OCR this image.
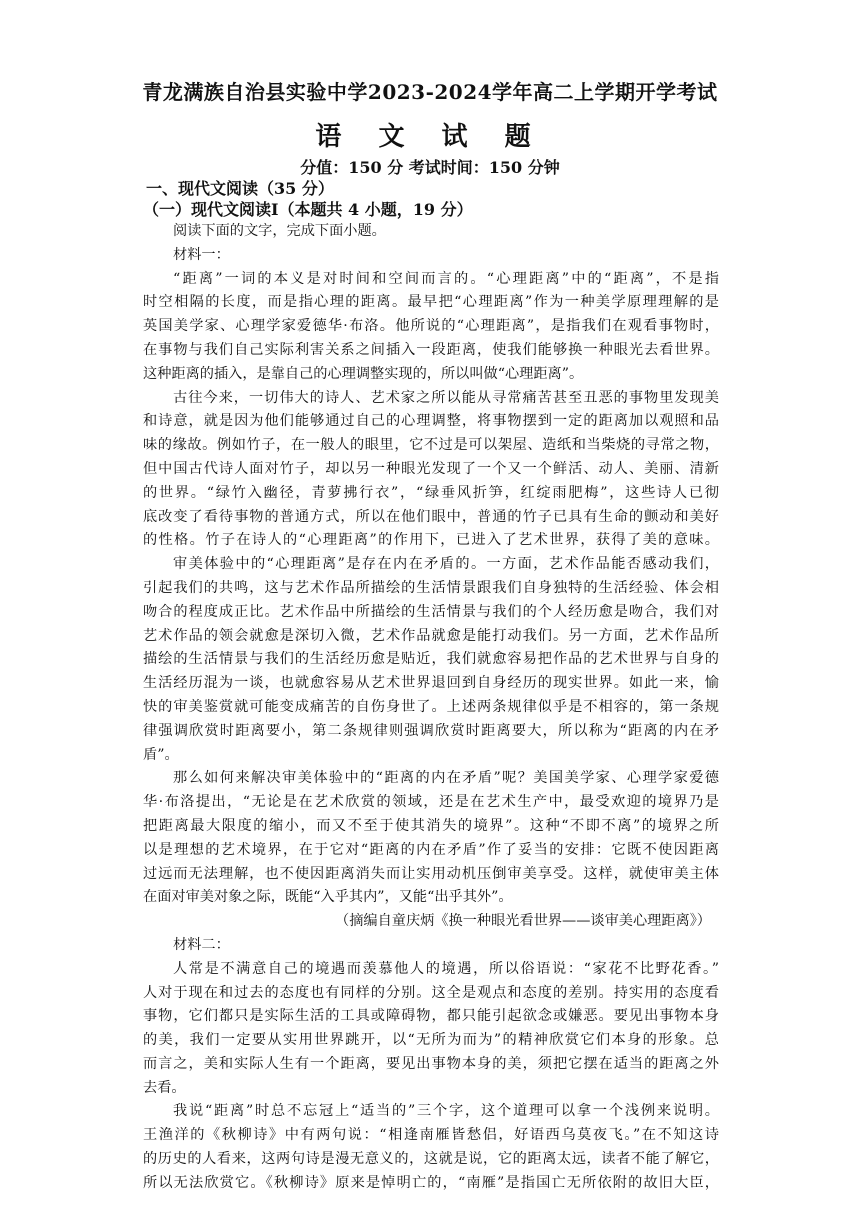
青龙满族自治县实验中学2023-2024学年高二上学期开学考试
语 文 试 题
分值：150 分 考试时间：150 分钟
一、现代文阅读（35 分）
（一）现代文阅读Ⅰ（本题共 4 小题，19 分）
阅读下面的文字，完成下面小题。
材料一：
“距离”一词的本义是对时间和空间而言的。“心理距离”中的“距离”，不是指
时空相隔的长度，而是指心理的距离。最早把“心理距离”作为一种美学原理理解的是
英国美学家、心理学家爱德华·布洛。他所说的“心理距离”，是指我们在观看事物时，
在事物与我们自己实际利害关系之间插入一段距离，使我们能够换一种眼光去看世界。
这种距离的插入，是靠自己的心理调整实现的，所以叫做“心理距离”。
古往今来，一切伟大的诗人、艺术家之所以能从寻常痛苦甚至丑恶的事物里发现美
和诗意，就是因为他们能够通过自己的心理调整，将事物摆到一定的距离加以观照和品
味的缘故。例如竹子，在一般人的眼里，它不过是可以架屋、造纸和当柴烧的寻常之物，
但中国古代诗人面对竹子，却以另一种眼光发现了一个又一个鲜活、动人、美丽、清新
的世界。“绿竹入幽径，青萝拂行衣”，“绿垂风折笋，红绽雨肥梅”，这些诗人已彻
底改变了看待事物的普通方式，所以在他们眼中，普通的竹子已具有生命的颤动和美好
的性格。竹子在诗人的“心理距离”的作用下，已进入了艺术世界，获得了美的意味。
审美体验中的“心理距离”是存在内在矛盾的。一方面，艺术作品能否感动我们，
引起我们的共鸣，这与艺术作品所描绘的生活情景跟我们自身独特的生活经验、体会相
吻合的程度成正比。艺术作品中所描绘的生活情景与我们的个人经历愈是吻合，我们对
艺术作品的领会就愈是深切入微，艺术作品就愈是能打动我们。另一方面，艺术作品所
描绘的生活情景与我们的生活经历愈是贴近，我们就愈容易把作品的艺术世界与自身的
生活经历混为一谈，也就愈容易从艺术世界退回到自身经历的现实世界。如此一来，愉
快的审美鉴赏就可能变成痛苦的自伤身世了。上述两条规律似乎是不相容的，第一条规
律强调欣赏时距离要小，第二条规律则强调欣赏时距离要大，所以称为“距离的内在矛
盾”。
那么如何来解决审美体验中的“距离的内在矛盾”呢？美国美学家、心理学家爱德
华·布洛提出，“无论是在艺术欣赏的领域，还是在艺术生产中，最受欢迎的境界乃是
把距离最大限度的缩小，而又不至于使其消失的境界”。这种“不即不离”的境界之所
以是理想的艺术境界，在于它对“距离的内在矛盾”作了妥当的安排：它既不使因距离
过远而无法理解，也不使因距离消失而让实用动机压倒审美享受。这样，就使审美主体
在面对审美对象之际，既能“入乎其内”，又能“出乎其外”。
（摘编自童庆炳《换一种眼光看世界——谈审美心理距离》）
材料二：
人常是不满意自己的境遇而羡慕他人的境遇，所以俗语说：“家花不比野花香。”
人对于现在和过去的态度也有同样的分别。这全是观点和态度的差别。持实用的态度看
事物，它们都只是实际生活的工具或障碍物，都只能引起欲念或嫌恶。要见出事物本身
的美，我们一定要从实用世界跳开，以“无所为而为”的精神欣赏它们本身的形象。总
而言之，美和实际人生有一个距离，要见出事物本身的美，须把它摆在适当的距离之外
去看。
我说“距离”时总不忘冠上“适当的”三个字，这个道理可以拿一个浅例来说明。
王渔洋的《秋柳诗》中有两句说：“相逢南雁皆愁侣，好语西乌莫夜飞。”在不知这诗
的历史的人看来，这两句诗是漫无意义的，这就是说，它的距离太远，读者不能了解它，
所以无法欣赏它。《秋柳诗》原来是悼明亡的，“南雁”是指国亡无所依附的故旧大臣，
